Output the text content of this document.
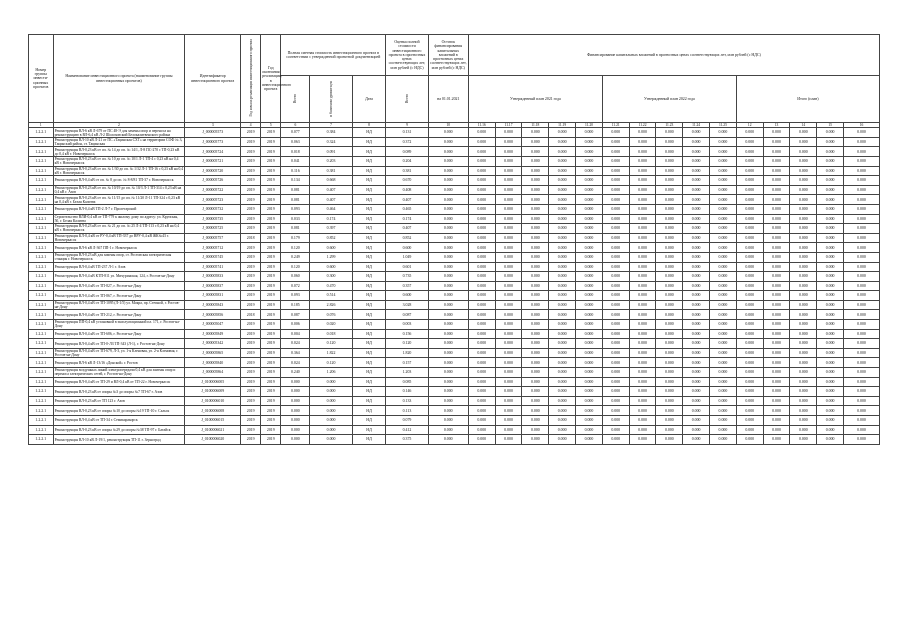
Номер группы инвести-ционных проектов	Наименование инвестиционного проекта (наименование группы инвестиционных проектов)	Идентификатор инвестиционного проекта	Год начала реализации инвестиционного проекта	Год окончания реализации, в инвестиционного проекта	Полная сметная стоимость инвестиционного проекта в соответствии с утвержденной проектной документацией			Оценка полной стоимости инвестиционного проекта в прогнозных ценах соответствующих лет, млн рублей (с НДС)	Остаток финансирования капитальных вложений в прогнозных ценах соответствующих лет, млн рублей (с НДС)	Финансирование капитальных вложений в прогнозных ценах соответствующих лет, млн рублей (с НДС)														
					Всего	в базисном уровне цен	Дата	Всего	на 01.01.2021	Утвержденный план 2021 года					Утвержденный план 2022 года					Итого (план)				
1	2	3	4	5	6	7	8	9	10	11.16	11.17	11.18	11.19	11.20	11.21	11.22	11.23	11.24	11.25	12	13	14	15	16
1.2.2.1	Реконструкция ВЛ-6 кВ Л-679 от ПС 48-Э для замены опор и переноса на реконструкцию в ВЛ-6,4 кВ Л-2 Шолоховский Белокалитвенского района	J_000005573	2019	2019	0.077	0.384	НД	0.131	0.000	0.000	0.000	0.000	0.000	0.000	0.000	0.000	0.000	0.000	0.000	0.000	0.000	0.000	0.000	0.000
1.2.2.1	Реконструкция ВЛ-10 кВ Л-21 от ПС «Тацинская СХТ» на территории СОФ № 3, Тацинский район, ст. Тацинская	J_000005773	2019	2019	0.063	0.324	НД	0.372	0.000	0.000	0.000	0.000	0.000	0.000	0.000	0.000	0.000	0.000	0.000	0.000	0.000	0.000	0.000	0.000
1.2.2.1	Реконструкция ВЛ-0,23 кВ от оп. № 14 до оп. № 14/1, Л-8 ПС-270 с ТП-0,23 кВ до 0,4 кВ т. Новочеркасск	J_000005724	2019	2019	0.018	0.091	НД	0.089	0.000	0.000	0.000	0.000	0.000	0.000	0.000	0.000	0.000	0.000	0.000	0.000	0.000	0.000	0.000	0.000
1.2.2.1	Реконструкция ВЛ-0,23 кВ от оп. № 10 до оп. № 10/1 Л-1 ТП-4 с 0,23 кВ на 0,4 кВ г. Новочеркасск	J_000005721	2019	2019	0.041	0.203	НД	0.204	0.000	0.000	0.000	0.000	0.000	0.000	0.000	0.000	0.000	0.000	0.000	0.000	0.000	0.000	0.000	0.000
1.2.2.1	Реконструкция ВЛ-0,23 кВ от оп. № 1/30 до оп. № 1/32 Л-1 ТП-16 с 0,23 кВ на 0,4 кВ г. Новочеркасск	J_000005720	2019	2019	0.116	0.381	НД	0.381	0.000	0.000	0.000	0.000	0.000	0.000	0.000	0.000	0.000	0.000	0.000	0.000	0.000	0.000	0.000	0.000
1.2.2.1	Реконструкция ВЛ-0,4 кВ от оп. № 8 до оп. № 8-8/81 ТП-37 г. Новочеркасск	J_000005726	2019	2019	0.134	0.668	НД	0.670	0.000	0.000	0.000	0.000	0.000	0.000	0.000	0.000	0.000	0.000	0.000	0.000	0.000	0.000	0.000	0.000
1.2.2.1	Реконструкция ВЛ-0,23 кВ от оп. № 10/19 до оп. № 10/3 Л-1 ТП-314 с 0,23 кВ на 0,4 кВ г. Азов	J_000005722	2019	2019	0.081	0.407	НД	0.408	0.000	0.000	0.000	0.000	0.000	0.000	0.000	0.000	0.000	0.000	0.000	0.000	0.000	0.000	0.000	0.000
1.2.2.1	Реконструкция ВЛ-0,23 кВ от оп. № 11/15 до оп. № 11/20 Л-11 ТП-324 с 0,23 кВ на 0,4 кВ г. Белая Калитва	J_000005723	2019	2019	0.081	0.407	НД	0.407	0.000	0.000	0.000	0.000	0.000	0.000	0.000	0.000	0.000	0.000	0.000	0.000	0.000	0.000	0.000	0.000
1.2.2.1	Реконструкция ВЛ-0,4 кВ ТП-2 Л-7 г. Пролетарский	J_000005732	2019	2019	0.093	0.464	НД	0.465	0.000	0.000	0.000	0.000	0.000	0.000	0.000	0.000	0.000	0.000	0.000	0.000	0.000	0.000	0.000	0.000
1.2.2.1	Строительство ВЛИ-0,4 кВ от ТП-779 к жилому дому по адресу: ул. Крупская, 50, г. Белая Калитва	J_000005735	2019	2019	0.033	0.174	НД	0.174	0.000	0.000	0.000	0.000	0.000	0.000	0.000	0.000	0.000	0.000	0.000	0.000	0.000	0.000	0.000	0.000
1.2.2.1	Реконструкция ВЛ-0,23 кВ от оп. № 21 до оп. № 25 Л-4 ТП-113 с 0,23 кВ на 0,4 кВ г. Новочеркасск	J_000005725	2019	2019	0.081	0.397	НД	0.407	0.000	0.000	0.000	0.000	0.000	0.000	0.000	0.000	0.000	0.000	0.000	0.000	0.000	0.000	0.000	0.000
1.2.2.1	Реконструкция КЛ-0,4 кВ от РУ-0,4 кВ ТП-337 до ВРУ-0,4 кВ ЖК№43 г. Новочеркасск	J_000005757	2018	2019	0.179	0.852	НД	0.852	0.000	0.000	0.000	0.000	0.000	0.000	0.000	0.000	0.000	0.000	0.000	0.000	0.000	0.000	0.000	0.000
1.2.2.1	Реконструкция ВЛ-6 кВ Л-367 ПП-1 г. Новочеркасск	J_000005712	2019	2019	0.120	0.600	НД	0.600	0.000	0.000	0.000	0.000	0.000	0.000	0.000	0.000	0.000	0.000	0.000	0.000	0.000	0.000	0.000	0.000
1.2.2.1	Реконструкция ВЛ-0,23 кВ для замены опор, ст. Ростовская электрическая станция г. Новочеркасск	J_000005745	2019	2019	0.249	1.299	НД	1.049	0.000	0.000	0.000	0.000	0.000	0.000	0.000	0.000	0.000	0.000	0.000	0.000	0.000	0.000	0.000	0.000
1.2.2.1	Реконструкция ВЛ-0,4 кВ ТП-237 Л-1 г. Азов	J_000005741	2019	2019	0.120	0.600	НД	0.601	0.000	0.000	0.000	0.000	0.000	0.000	0.000	0.000	0.000	0.000	0.000	0.000	0.000	0.000	0.000	0.000
1.2.2.1	Реконструкция ВЛ-0,4 кВ КТП-811 ул. Мичуринская, 124, г. Ростов-на-Дону	J_000005833	2019	2019	0.060	0.300	НД	0.735	0.000	0.000	0.000	0.000	0.000	0.000	0.000	0.000	0.000	0.000	0.000	0.000	0.000	0.000	0.000	0.000
1.2.2.1	Реконструкция ВЛ-0,4 кВ от ТП-827, г. Ростов-на-Дону	J_000005837	2019	2019	0.072	0.470	НД	0.357	0.000	0.000	0.000	0.000	0.000	0.000	0.000	0.000	0.000	0.000	0.000	0.000	0.000	0.000	0.000	0.000
1.2.2.1	Реконструкция ВЛ-0,4 кВ от ТП-867, г. Ростов-на-Дону	J_000005831	2019	2019	0.093	0.514	НД	0.600	0.000	0.000	0.000	0.000	0.000	0.000	0.000	0.000	0.000	0.000	0.000	0.000	0.000	0.000	0.000	0.000
1.2.2.1	Реконструкция ВЛ-0,4 кВ от ТП-1095 (Л-1/5) ул. Мокра, пр. Степной, г. Ростов-на-Дону	J_000005843	2019	2019	0.185	2.826	НД	3.028	0.000	0.000	0.000	0.000	0.000	0.000	0.000	0.000	0.000	0.000	0.000	0.000	0.000	0.000	0.000	0.000
1.2.2.1	Реконструкция ВЛ-0,4 кВ от ТП-212, г. Ростов-на-Дону	J_000005856	2018	2019	0.087	0.076	НД	0.087	0.000	0.000	0.000	0.000	0.000	0.000	0.000	0.000	0.000	0.000	0.000	0.000	0.000	0.000	0.000	0.000
1.2.2.1	Реконструкция ПП-0,4 кВ установкой в эксплуатационной пл. 171, г. Ростов-на-Дону	J_000005047	2019	2019	0.006	0.020	НД	0.003	0.000	0.000	0.000	0.000	0.000	0.000	0.000	0.000	0.000	0.000	0.000	0.000	0.000	0.000	0.000	0.000
1.2.2.1	Реконструкция ВЛ-0,4 кВ от ТП-686, г. Ростов-на-Дону	J_000005849	2019	2019	0.004	0.018	НД	0.156	0.000	0.000	0.000	0.000	0.000	0.000	0.000	0.000	0.000	0.000	0.000	0.000	0.000	0.000	0.000	0.000
1.2.2.1	Реконструкция ВЛ-0,4 кВ от ТП-0-ЛЗ ТП-343 (Л-1), г. Ростов-на-Дону	J_000005342	2019	2019	0.024	0.120	НД	0.120	0.000	0.000	0.000	0.000	0.000	0.000	0.000	0.000	0.000	0.000	0.000	0.000	0.000	0.000	0.000	0.000
1.2.2.1	Реконструкция ВЛ-0,4 кВ от ТП-679, Л-3, ул. 1-я Кленовая, ул. 2-я Кленовая, г. Ростов-на-Дону	J_000005865	2019	2019	0.364	1.822	НД	1.820	0.000	0.000	0.000	0.000	0.000	0.000	0.000	0.000	0.000	0.000	0.000	0.000	0.000	0.000	0.000	0.000
1.2.2.1	Реконструкция ВЛ-6 кВ Л-13/16 «Донской» г. Ростов	J_000005840	2019	2019	0.024	0.120	НД	0.157	0.000	0.000	0.000	0.000	0.000	0.000	0.000	0.000	0.000	0.000	0.000	0.000	0.000	0.000	0.000	0.000
1.2.2.1	Реконструкция воздушных линий электропередачи 0,4 кВ для замены опор и переноса электрических сетей, г. Ростов-на-Дону	J_000005864	2019	2019	0.240	1.206	НД	1.203	0.000	0.000	0.000	0.000	0.000	0.000	0.000	0.000	0.000	0.000	0.000	0.000	0.000	0.000	0.000	0.000
1.2.2.1	Реконструкция ВЛ-0,4 кВ от ТП-29 и ВЛ-0,4 кВ от ТП-22 г. Новочеркасск	J_0100006005	2019	2019	0.000	0.000	НД	0.085	0.000	0.000	0.000	0.000	0.000	0.000	0.000	0.000	0.000	0.000	0.000	0.000	0.000	0.000	0.000	0.000
1.2.2.1	Реконструкция ВЛ-0,23 кВ от опоры №3 до опоры №7 ТП-67 г. Азов	J_0100006009	2019	2019	0.000	0.000	НД	0.146	0.000	0.000	0.000	0.000	0.000	0.000	0.000	0.000	0.000	0.000	0.000	0.000	0.000	0.000	0.000	0.000
1.2.2.1	Реконструкция ВЛ-0,23 кВ от ТП 123 г. Азов	J_0100006010	2019	2019	0.000	0.000	НД	0.133	0.000	0.000	0.000	0.000	0.000	0.000	0.000	0.000	0.000	0.000	0.000	0.000	0.000	0.000	0.000	0.000
1.2.2.1	Реконструкция ВЛ-0,23 кВ от опоры №10 до опоры №19 ТП-10 г. Сальск	J_0100006008	2019	2019	0.000	0.000	НД	0.113	0.000	0.000	0.000	0.000	0.000	0.000	0.000	0.000	0.000	0.000	0.000	0.000	0.000	0.000	0.000	0.000
1.2.2.1	Реконструкция ВЛ-0,4 кВ от ТП-34 г. Семикаракорск	J_0100006015	2019	2019	0.000	0.000	НД	0.079	0.000	0.000	0.000	0.000	0.000	0.000	0.000	0.000	0.000	0.000	0.000	0.000	0.000	0.000	0.000	0.000
1.2.2.1	Реконструкция ВЛ-0,23 кВ от опоры №29 до опоры №38 ТП-97 г. Батайск	J_0100006021	2019	2019	0.000	0.000	НД	0.412	0.000	0.000	0.000	0.000	0.000	0.000	0.000	0.000	0.000	0.000	0.000	0.000	0.000	0.000	0.000	0.000
1.2.2.1	Реконструкция ВЛ-10 кВ Л-19/1, реконструкция ТП-11 г. Зерноград	J_0100006020	2019	2019	0.000	0.000	НД	0.375	0.000	0.000	0.000	0.000	0.000	0.000	0.000	0.000	0.000	0.000	0.000	0.000	0.000	0.000	0.000	0.000
